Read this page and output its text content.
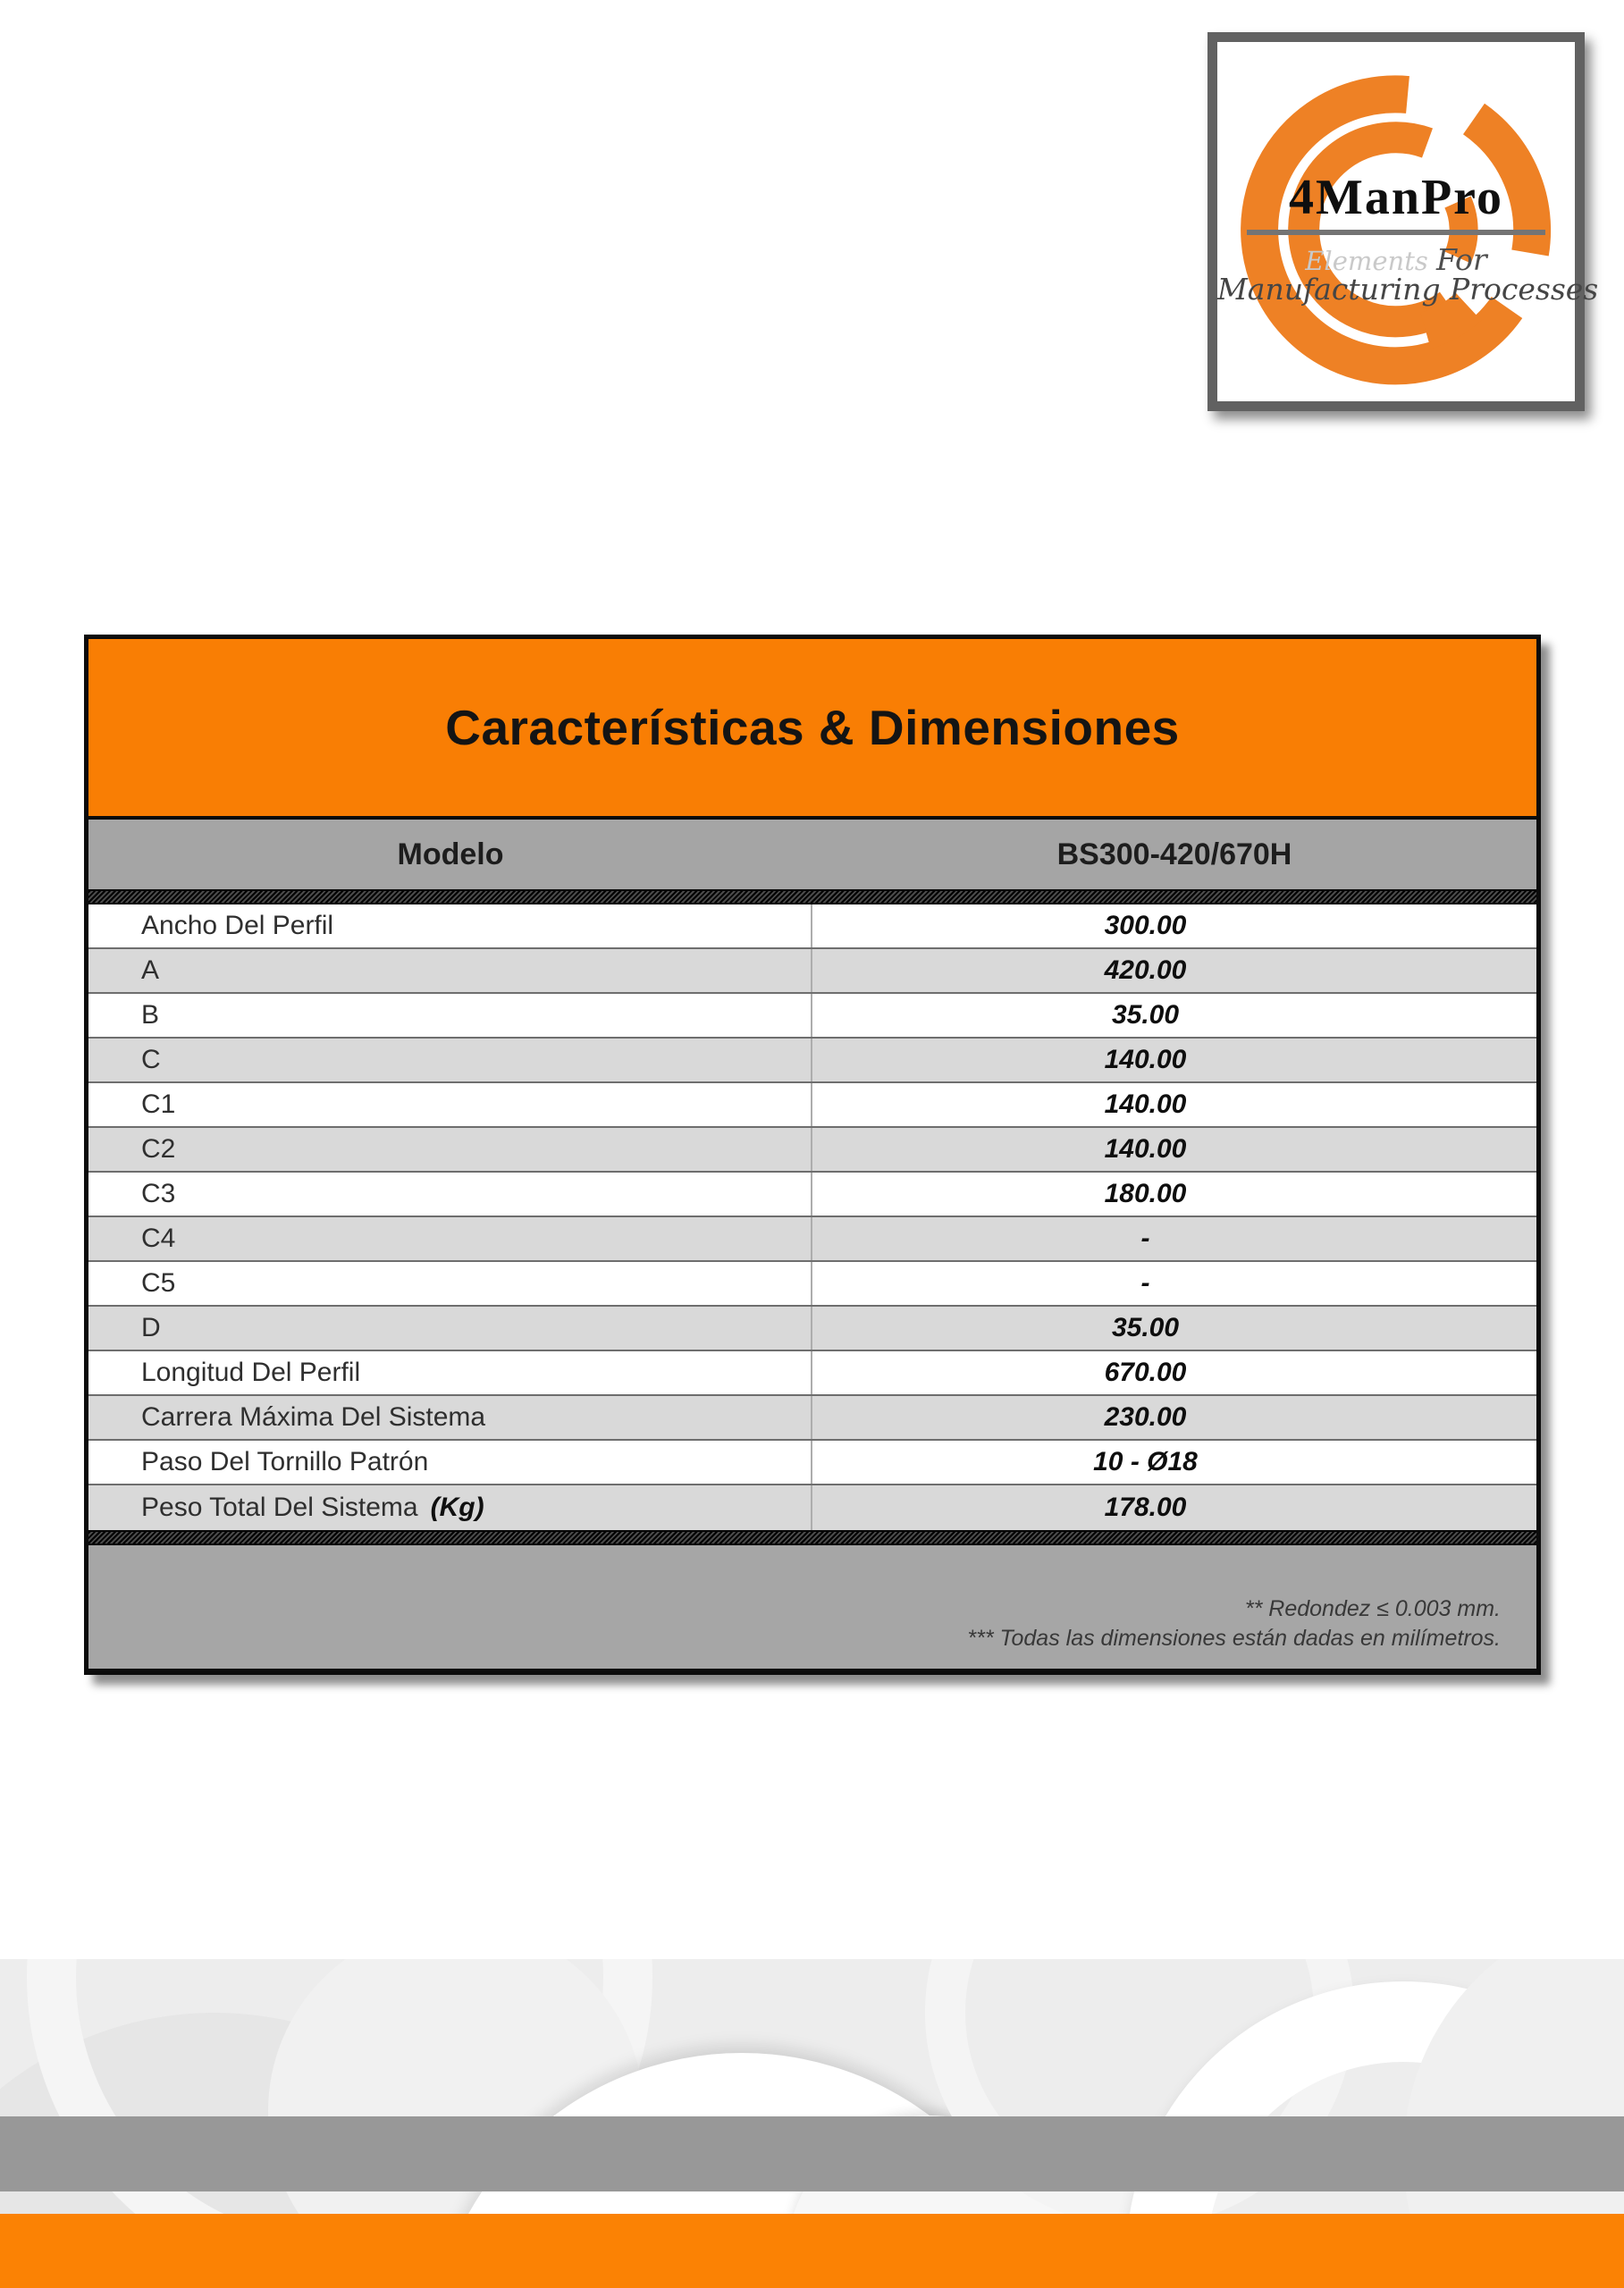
4ManPro
Elements For
Manufacturing Processes
Características & Dimensiones
Modelo	BS300-420/670H
Ancho Del Perfil	300.00
A	420.00
B	35.00
C	140.00
C1	140.00
C2	140.00
C3	180.00
C4	-
C5	-
D	35.00
Longitud Del Perfil	670.00
Carrera Máxima Del Sistema	230.00
Paso Del Tornillo Patrón	10 - Ø18
Peso Total Del Sistema (Kg)	178.00
** Redondez ≤ 0.003 mm.
*** Todas las dimensiones están dadas en milímetros.
